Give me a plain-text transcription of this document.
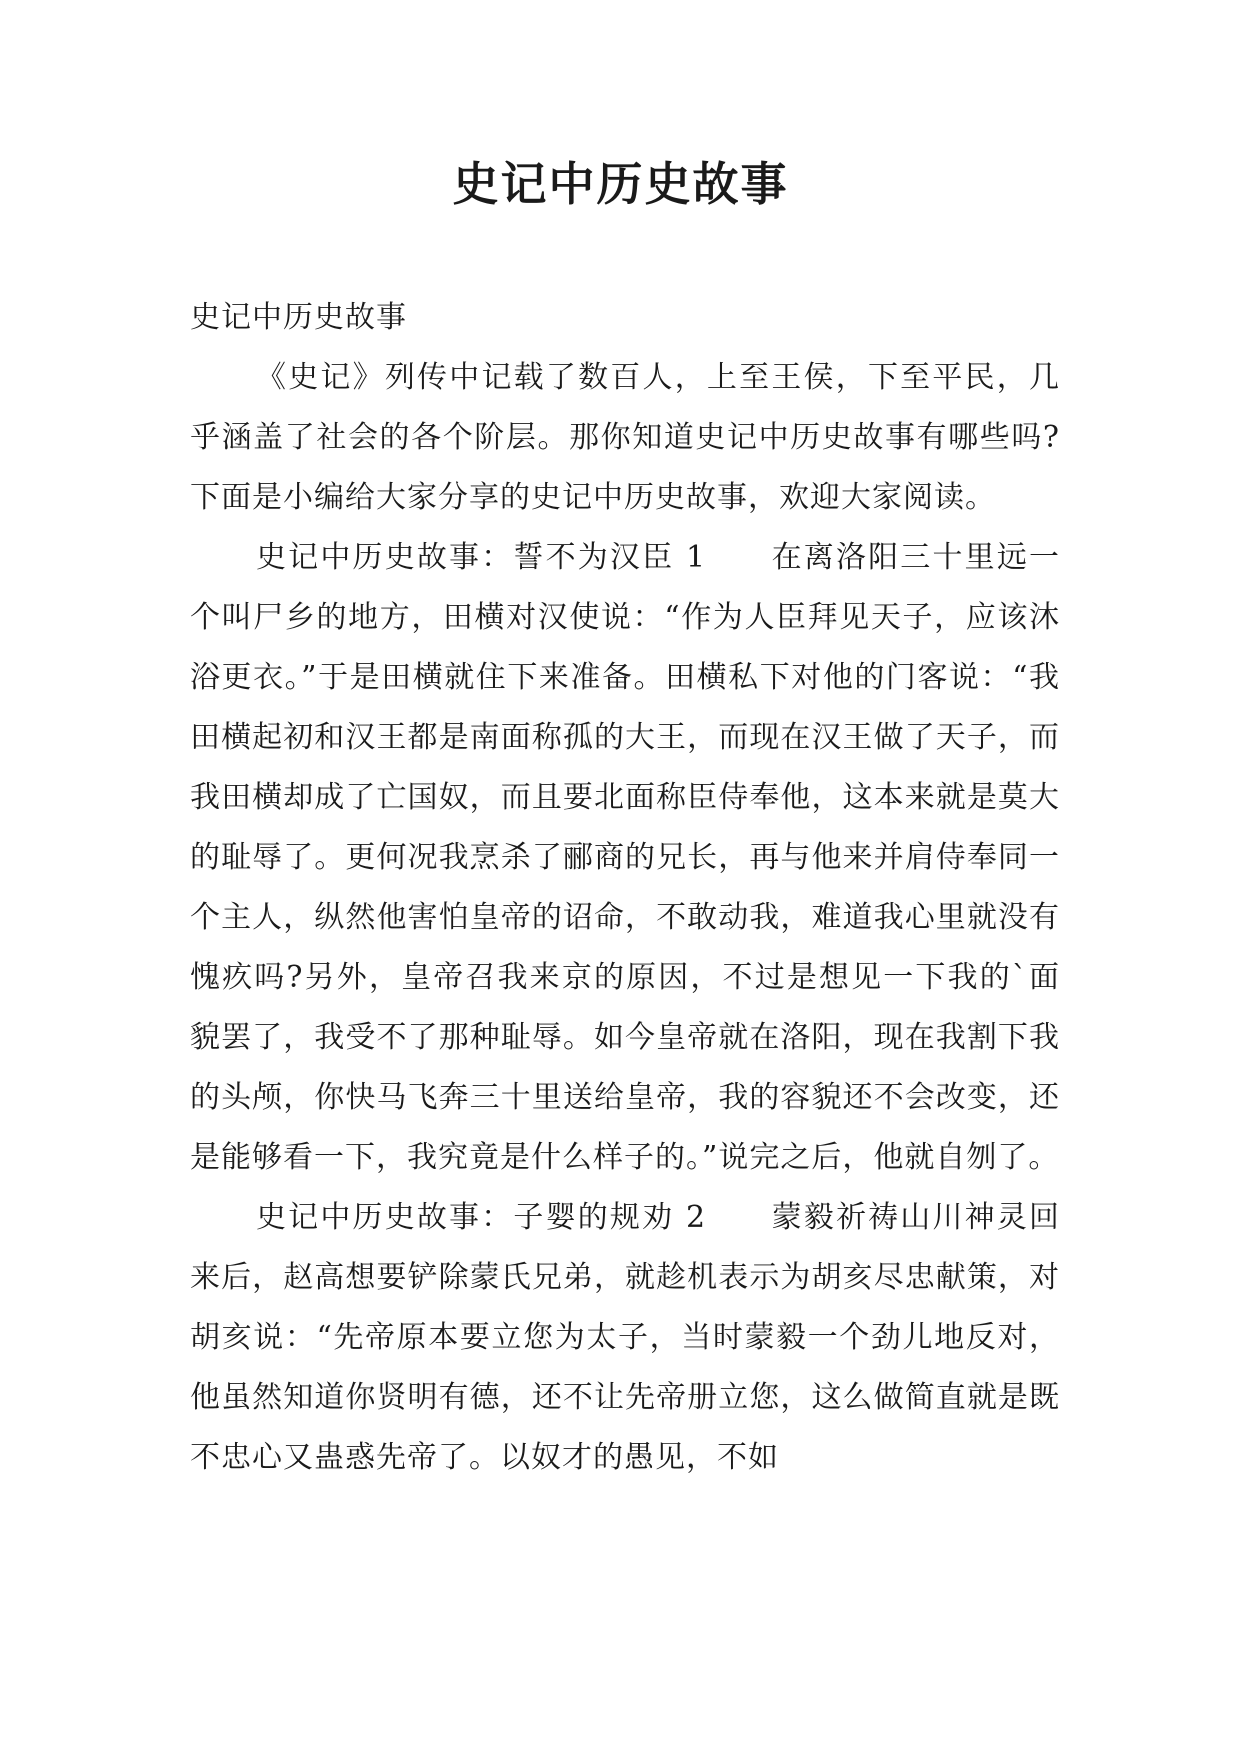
史记中历史故事

史记中历史故事

《史记》列传中记载了数百人，上至王侯，下至平民，几乎涵盖了社会的各个阶层。那你知道史记中历史故事有哪些吗?下面是小编给大家分享的史记中历史故事，欢迎大家阅读。

史记中历史故事：誓不为汉臣 1　　在离洛阳三十里远一个叫尸乡的地方，田横对汉使说：“作为人臣拜见天子，应该沐浴更衣。”于是田横就住下来准备。田横私下对他的门客说：“我田横起初和汉王都是南面称孤的大王，而现在汉王做了天子，而我田横却成了亡国奴，而且要北面称臣侍奉他，这本来就是莫大的耻辱了。更何况我烹杀了郦商的兄长，再与他来并肩侍奉同一个主人，纵然他害怕皇帝的诏命，不敢动我，难道我心里就没有愧疚吗?另外，皇帝召我来京的原因，不过是想见一下我的`面貌罢了，我受不了那种耻辱。如今皇帝就在洛阳，现在我割下我的头颅，你快马飞奔三十里送给皇帝，我的容貌还不会改变，还是能够看一下，我究竟是什么样子的。”说完之后，他就自刎了。

史记中历史故事：子婴的规劝 2　　蒙毅祈祷山川神灵回来后，赵高想要铲除蒙氏兄弟，就趁机表示为胡亥尽忠献策，对胡亥说：“先帝原本要立您为太子，当时蒙毅一个劲儿地反对，他虽然知道你贤明有德，还不让先帝册立您，这么做简直就是既不忠心又蛊惑先帝了。以奴才的愚见，不如
